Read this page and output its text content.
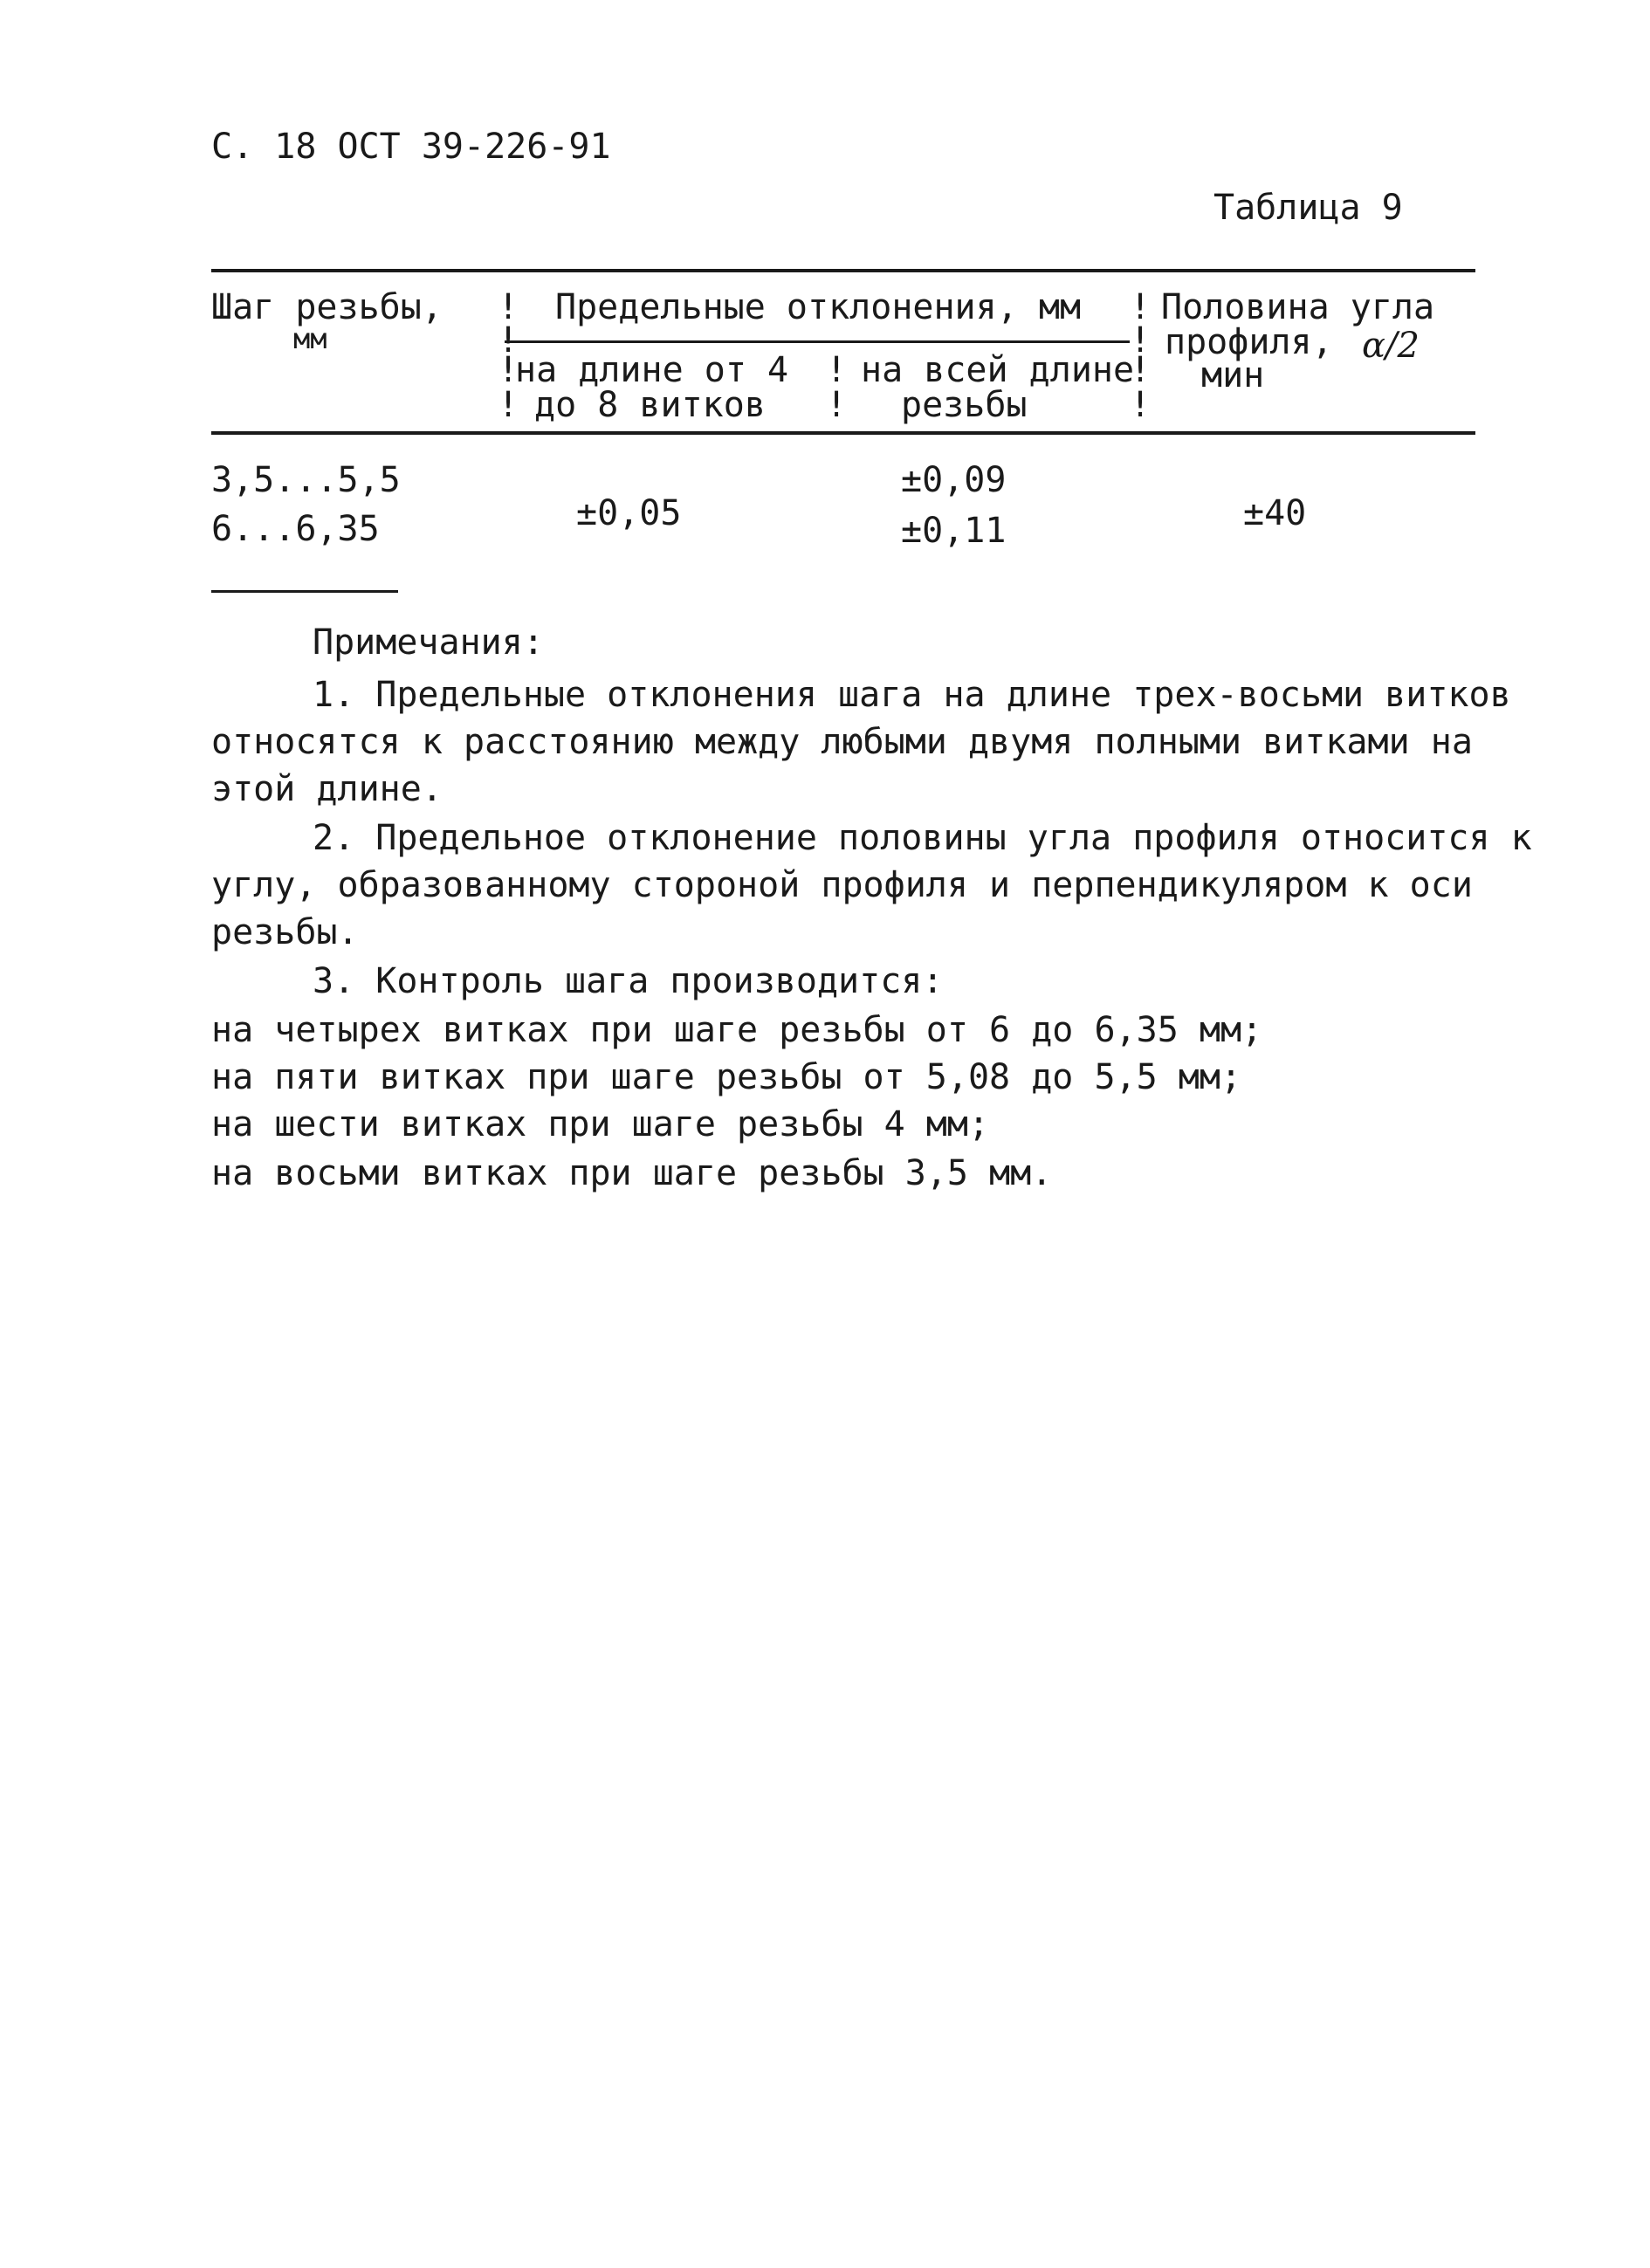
С. 18 ОСТ 39-226-91
Таблица 9
Шаг резьбы,
мм
!
!
!
!
!
!
!
!
!
!
Предельные отклонения, мм
на длине от 4
до 8 витков
на всей длине
резьбы
Половина угла
профиля,
мин
α/2
3,5...5,5
6...6,35	±0,05
±0,09
±0,11	±40
Примечания:
1. Предельные отклонения шага на длине трех-восьми витков
относятся к расстоянию между любыми двумя полными витками на
этой длине.
2. Предельное отклонение половины угла профиля относится к
углу, образованному стороной профиля и перпендикуляром к оси
резьбы.
3. Контроль шага производится:
на четырех витках при шаге резьбы от 6 до 6,35 мм;
на пяти витках при шаге резьбы от 5,08 до 5,5 мм;
на шести витках при шаге резьбы 4 мм;
на восьми витках при шаге резьбы 3,5 мм.
